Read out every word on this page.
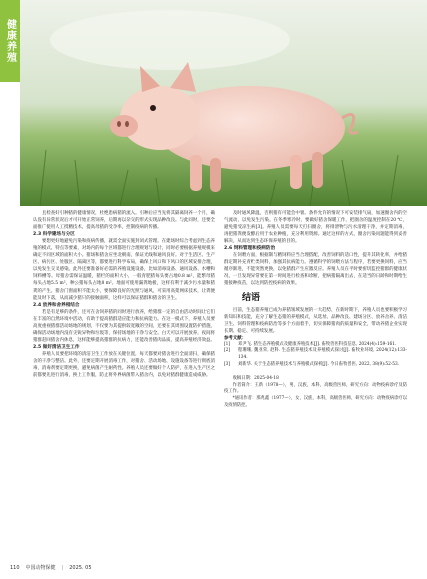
健康养殖

且检查好引种猪的健康情况，杜绝患病猪的流入。引种后应当先将其隔离饲养一个月，确认没有异常状况后才可开始正常饲养，后期再以杂交的形式实现品种改良。与此同时，还要全面推广使用人工授精技术，提高母猪的受孕率，控制疫病的传播。

2.3 科学建场与分区

要想更好地避免污染和疫病传播，就需全面实施封闭式管理。在建场时综合考虑到生态养殖的模式、特点等要素，对场内的每个区域都进行合理规划与设计，同时必要根据养殖规模来确定不同区域的面积大小。猪场和猪舍应坐北朝南，保证光线和通风良好。对于生活区、生产区、病污区、处服区、隔离区等，都要进行科学布局，确保上风口和下风口的区域安排合理，以免发生交叉感染。此外还要准备好必需的养殖设施设备，比如消毒设备、通风设备、水槽和饲料槽等。母猪舍需保证温暖，猪栏的面积大小，一般育肥猪每头要占地0.8 m²，能繁母猪每头占地5.5 m²，种公猪每头占地8 m²。地面可使用漏粪地板，这样有利于减少污水量和猪粪的产生。猪舍门窗面积不能太小，要保障良好的光照与通风，可采用高架网床技术，让粪便能及时下落，从而减少猪只的接触面积，这样可以保证猪群和猪舍的卫生。

2.4 放养和舍养相结合

若是有足够的条件，还可在舍饲养猪的同时进行放养，给猪群一定的自由活动时间让它们在丰富的自然环境中活动，有助于提高猪群适应能力和抗病能力。在这一模式下，养殖人员要高度重视猪群活动场地的规划，不仅要为其提供较宽敞的空间，还要在其周围设置防护措施，确保活动场地内没有尖锐异物和垃圾等，保持场地的干净与安全。白天可以开展放养，夜间将猪群赶回猪舍内休息，这样能够提高猪群的抗病力，还能改善猪肉品质，提高养殖经济效益。

2.5 做好清洁卫生工作

养殖人员要把环境的清洁卫生工作放在关键位置，每天都要对猪舍进行全面清扫，确保猪舍的干净与整洁。此外，还要定期开展消毒工作，对猪舍、活动场地、设施设备等进行彻底消毒，消毒剂要定期更换，避免病菌产生耐药性。养殖人员还要做好个人防护，在进入生产区之前都要先进行消毒，换上工作服，防止将外界病菌带入猪舍内，以免对猪群健康造成威胁。

及时通风降温，否则猪有可能会中暑。条件允许的情况下可安装排气扇，加速圈舍内的空气流动，以免发生污染。在冬季寒冷时，要做好猪舍保暖工作，把圈舍的温度控制在20 ℃，避免猪受凉生病[3]。养殖人员需要每天打扫圈舍，将排泄物与污水清理干净，并定期消毒，再把猪粪便发酵后用于农业种植，充分利用资源。通过这样的方式，圈舍污染问题能得到妥善解决，从而达到生态环保养殖的目的。

2.6 饲料管理和疫病防治

在饲喂方面，根据制与精饲料应当合理搭配，改善饲料的适口性，提升其转化率，并给猪群定期补充青贮类饲料，加强其抗病能力。遵循科学的饲喂方法与程序，若要更换饲料，应当循序渐进，不能突然更换，以免猪群产生应激反应。养殖人员在平时要密切监控猪群的健康状况，一旦发现异常要在第一时间进行检查和诊断，把病猪隔离出去，在适当的日龄和时期给生猪接种疫苗，以达到防控疫病的效果。

结语

目前，生态猪养殖已成为养猪领域发展的一大趋势，在新时期下，养殖人员也要积极学习新知识和技能，充分了解生态猪的养殖模式，从选址、品种改良、建场分区、放养舍养、清洁卫生、饲料管理和疫病防治等多个方面着手，切实保障猪肉的质量和安全，带动养猪企业实现长期、稳定、可持续发展。

参考文献：

[1]	邓尹飞. 猪生态养殖模式及健康养殖技术[J]. 畜牧兽医科技信息, 2024(4):159-161.
[2]	程珊珊, 魏亚荣, 赵科. 生态猪养殖技术及养殖模式探讨[J]. 畜牧业环境, 2024(12):133-134.
[3]	刘新华. 关于生态猪养殖技术与养殖模式探析[J]. 今日畜牧兽医, 2022, 38(9):52-53.

收稿日期：2025-04-18

作者简介：王新（1978—），男，汉族，本科，高级兽医师，研究方向：动物疫病诊疗及防疫工作。

*通讯作者：那兆鑫（1977—），女，汉族，本科，高级兽医师，研究方向：动物疫病诊疗以及疫情防控。

110 中国动物保健 | 2025. 05
